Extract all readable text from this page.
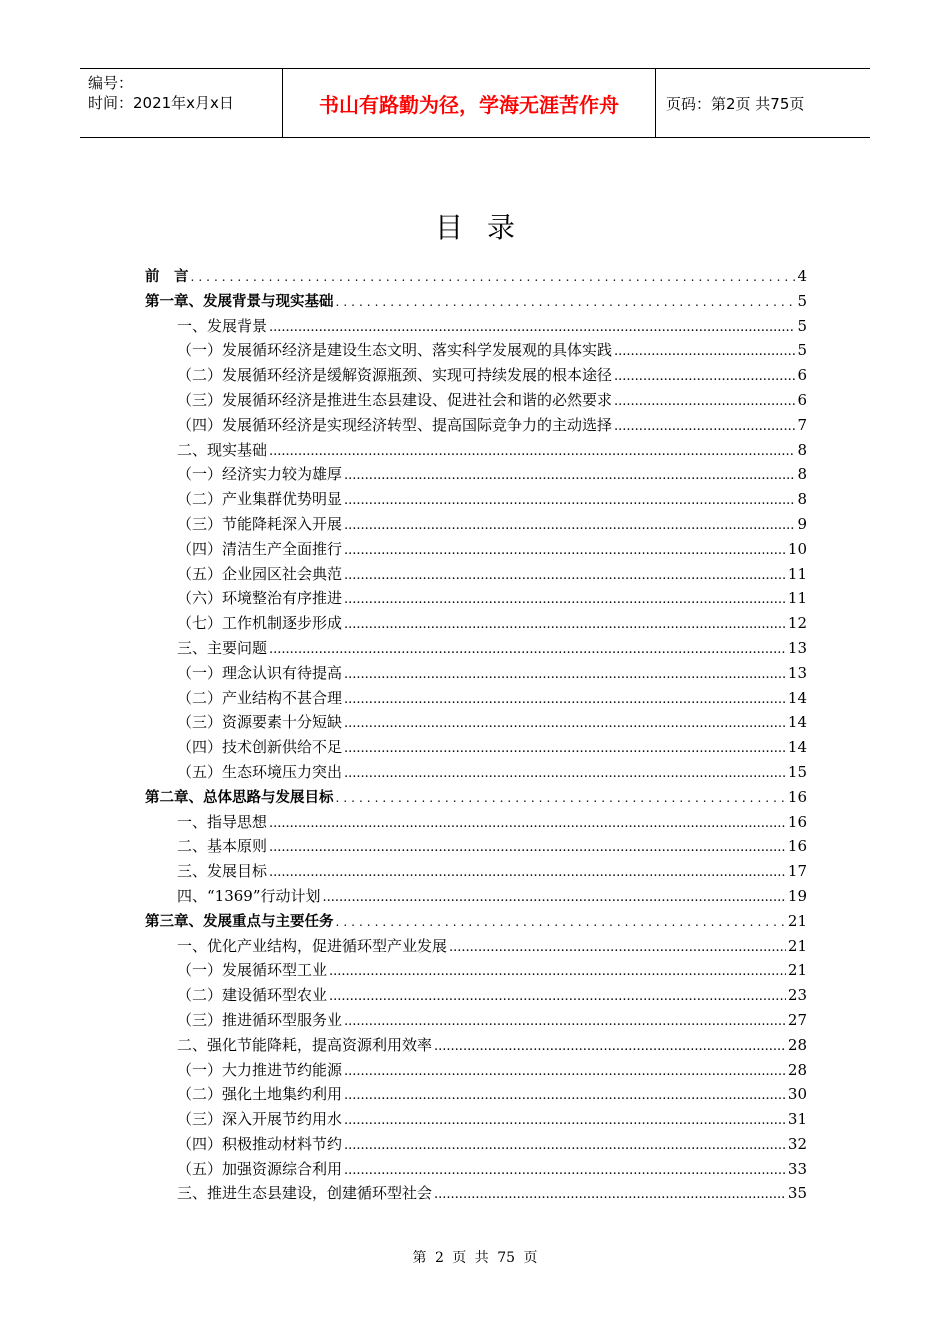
编号：
时间：2021年x月x日	书山有路勤为径，学海无涯苦作舟	页码：第2页 共75页
目录
前　言 .....	4
第一章、发展背景与现实基础 .....	5
一、发展背景 .....	5
（一）发展循环经济是建设生态文明、落实科学发展观的具体实践 .....	5
（二）发展循环经济是缓解资源瓶颈、实现可持续发展的根本途径 .....	6
（三）发展循环经济是推进生态县建设、促进社会和谐的必然要求 .....	6
（四）发展循环经济是实现经济转型、提高国际竞争力的主动选择 .....	7
二、现实基础 .....	8
（一）经济实力较为雄厚 .....	8
（二）产业集群优势明显 .....	8
（三）节能降耗深入开展 .....	9
（四）清洁生产全面推行 .....	10
（五）企业园区社会典范 .....	11
（六）环境整治有序推进 .....	11
（七）工作机制逐步形成 .....	12
三、主要问题 .....	13
（一）理念认识有待提高 .....	13
（二）产业结构不甚合理 .....	14
（三）资源要素十分短缺 .....	14
（四）技术创新供给不足 .....	14
（五）生态环境压力突出 .....	15
第二章、总体思路与发展目标 .....	16
一、指导思想 .....	16
二、基本原则 .....	16
三、发展目标 .....	17
四、“1369”行动计划 .....	19
第三章、发展重点与主要任务 .....	21
一、优化产业结构，促进循环型产业发展 .....	21
（一）发展循环型工业 .....	21
（二）建设循环型农业 .....	23
（三）推进循环型服务业 .....	27
二、强化节能降耗，提高资源利用效率 .....	28
（一）大力推进节约能源 .....	28
（二）强化土地集约利用 .....	30
（三）深入开展节约用水 .....	31
（四）积极推动材料节约 .....	32
（五）加强资源综合利用 .....	33
三、推进生态县建设，创建循环型社会 .....	35
第 2 页 共 75 页
